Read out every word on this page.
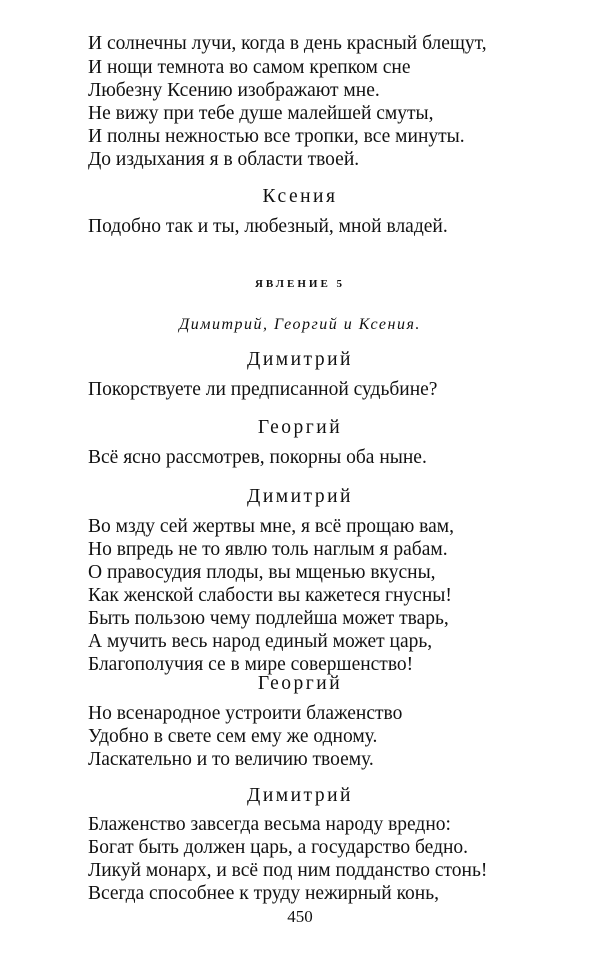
И солнечны лучи, когда в день красный блещут,
И нощи темнота во самом крепком сне
Любезну Ксению изображают мне.
Не вижу при тебе душе малейшей смуты,
И полны нежностью все тропки, все минуты.
До издыхания я в области твоей.
Ксения
Подобно так и ты, любезный, мной владей.
ЯВЛЕНИЕ 5
Димитрий, Георгий и Ксения.
Димитрий
Покорствуете ли предписанной судьбине?
Георгий
Всё ясно рассмотрев, покорны оба ныне.
Димитрий
Во мзду сей жертвы мне, я всё прощаю вам,
Но впредь не то явлю толь наглым я рабам.
О правосудия плоды, вы мщенью вкусны,
Как женской слабости вы кажетеся гнусны!
Быть пользою чему подлейша может тварь,
А мучить весь народ единый может царь,
Благополучия се в мире совершенство!
Георгий
Но всенародное устроити блаженство
Удобно в свете сем ему же одному.
Ласкательно и то величию твоему.
Димитрий
Блаженство завсегда весьма народу вредно:
Богат быть должен царь, а государство бедно.
Ликуй монарх, и всё под ним подданство стонь!
Всегда способнее к труду нежирный конь,
450
